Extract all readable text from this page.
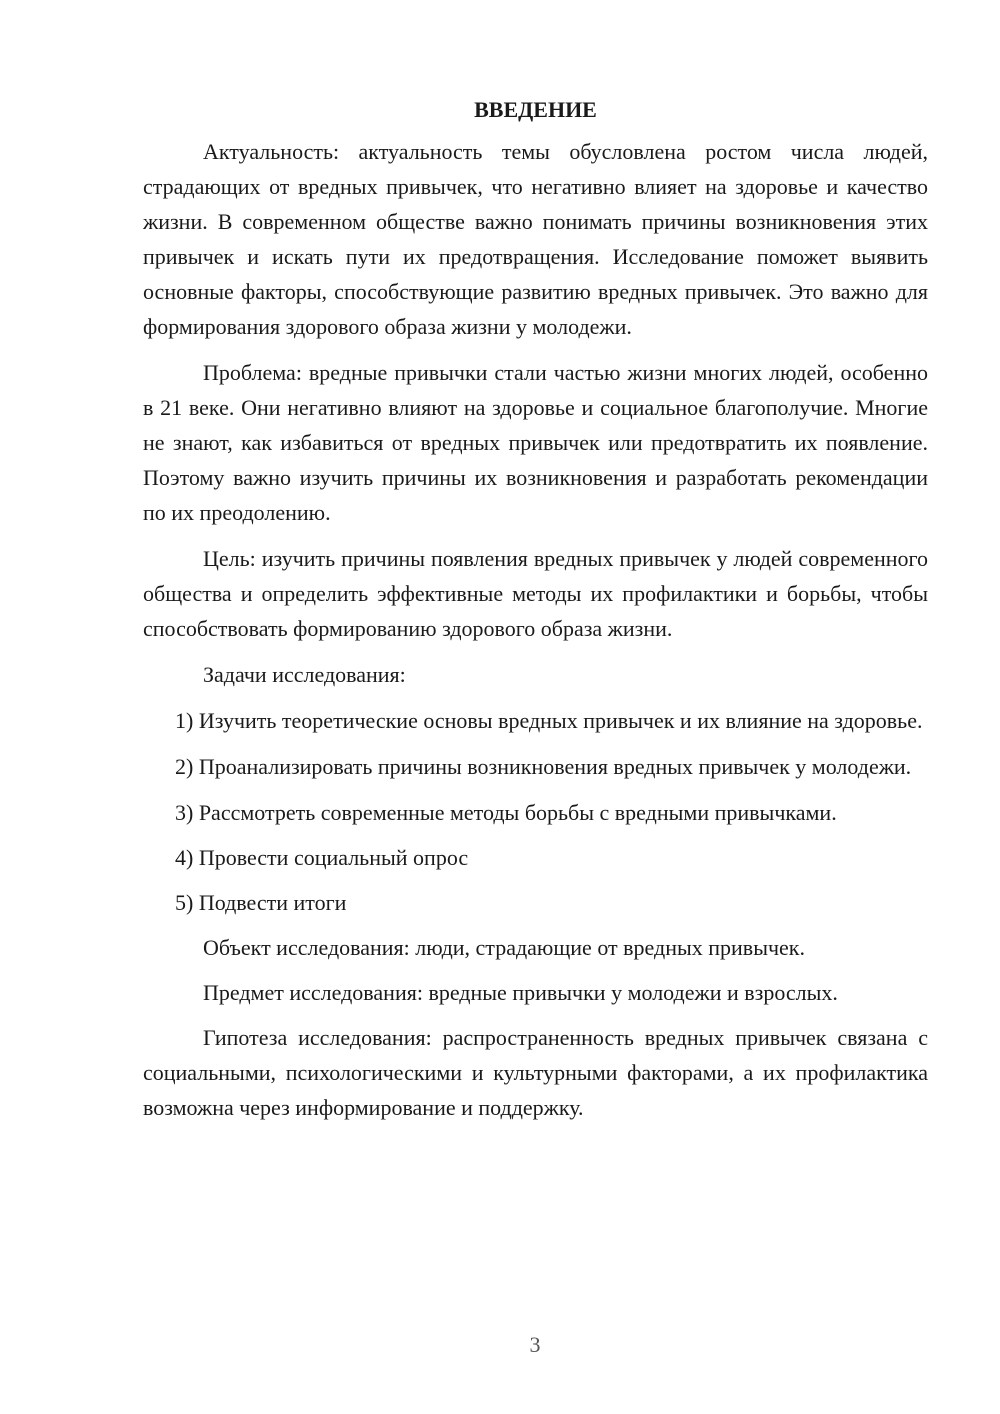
ВВЕДЕНИЕ

Актуальность: актуальность темы обусловлена ростом числа людей, страдающих от вредных привычек, что негативно влияет на здоровье и качество жизни. В современном обществе важно понимать причины возникновения этих привычек и искать пути их предотвращения. Исследование поможет выявить основные факторы, способствующие развитию вредных привычек. Это важно для формирования здорового образа жизни у молодежи.

Проблема: вредные привычки стали частью жизни многих людей, особенно в 21 веке. Они негативно влияют на здоровье и социальное благополучие. Многие не знают, как избавиться от вредных привычек или предотвратить их появление. Поэтому важно изучить причины их возникновения и разработать рекомендации по их преодолению.

Цель: изучить причины появления вредных привычек у людей современного общества и определить эффективные методы их профилактики и борьбы, чтобы способствовать формированию здорового образа жизни.

Задачи исследования:

1) Изучить теоретические основы вредных привычек и их влияние на здоровье.

2) Проанализировать причины возникновения вредных привычек у молодежи.

3) Рассмотреть современные методы борьбы с вредными привычками.

4) Провести социальный опрос

5) Подвести итоги

Объект исследования: люди, страдающие от вредных привычек.

Предмет исследования: вредные привычки у молодежи и взрослых.

Гипотеза исследования: распространенность вредных привычек связана с социальными, психологическими и культурными факторами, а их профилактика возможна через информирование и поддержку.

3
